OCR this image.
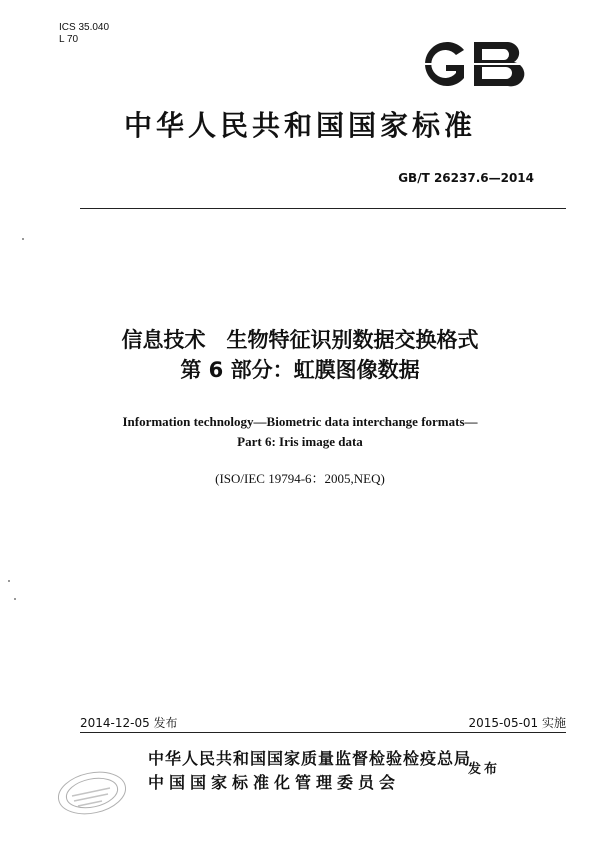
ICS 35.040
L 70
中华人民共和国国家标准
GB/T 26237.6—2014
信息技术　生物特征识别数据交换格式
第 6 部分：虹膜图像数据
Information technology—Biometric data interchange formats—
Part 6: Iris image data
(ISO/IEC 19794-6：2005,NEQ)
2014-12-05 发布	2015-05-01 实施
中华人民共和国国家质量监督检验检疫总局
中国国家标准化管理委员会
发布
